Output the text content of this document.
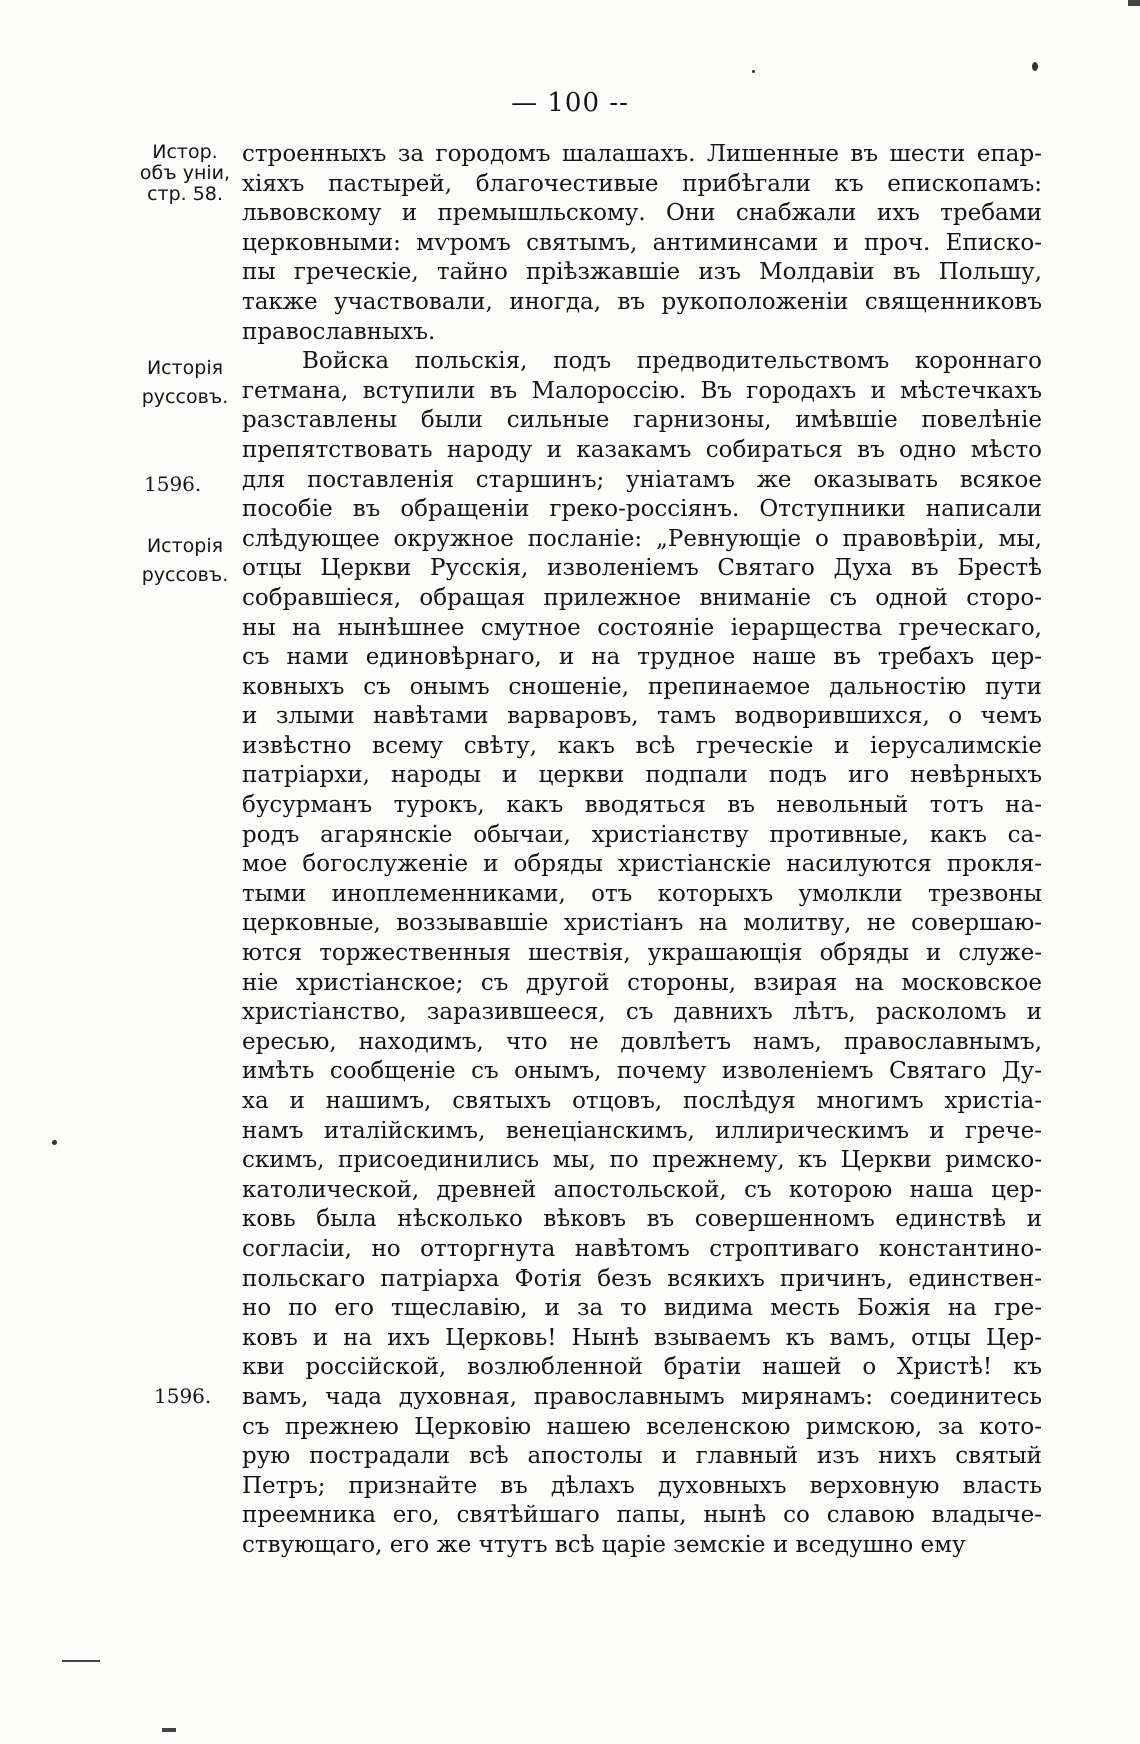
— 100 --
Истор.
объ уніи,
стр. 58.
Исторія
руссовъ.
1596.
Исторія
руссовъ.
1596.
строенныхъ за городомъ шалашахъ. Лишенные въ шести епар-
хіяхъ пастырей, благочестивые прибѣгали къ епископамъ:
львовскому и премышльскому. Они снабжали ихъ требами
церковными: мѵромъ святымъ, антиминсами и проч. Еписко-
пы греческіе, тайно пріѣзжавшіе изъ Молдавіи въ Польшу,
также участвовали, иногда, въ рукоположеніи священниковъ
православныхъ.
Войска польскія, подъ предводительствомъ короннаго
гетмана, вступили въ Малороссію. Въ городахъ и мѣстечкахъ
разставлены были сильные гарнизоны, имѣвшіе повелѣніе
препятствовать народу и казакамъ собираться въ одно мѣсто
для поставленія старшинъ; уніатамъ же оказывать всякое
пособіе въ обращеніи греко-россіянъ. Отступники написали
слѣдующее окружное посланіе: „Ревнующіе о правовѣріи, мы,
отцы Церкви Русскія, изволеніемъ Святаго Духа въ Брестѣ
собравшіеся, обращая прилежное вниманіе съ одной сторо-
ны на нынѣшнее смутное состояніе іерарщества греческаго,
съ нами единовѣрнаго, и на трудное наше въ требахъ цер-
ковныхъ съ онымъ сношеніе, препинаемое дальностію пути
и злыми навѣтами варваровъ, тамъ водворившихся, о чемъ
извѣстно всему свѣту, какъ всѣ греческіе и іерусалимскіе
патріархи, народы и церкви подпали подъ иго невѣрныхъ
бусурманъ турокъ, какъ вводяться въ невольный тотъ на-
родъ агарянскіе обычаи, христіанству противные, какъ са-
мое богослуженіе и обряды христіанскіе насилуются прокля-
тыми иноплеменниками, отъ которыхъ умолкли трезвоны
церковные, воззывавшіе христіанъ на молитву, не совершаю-
ются торжественныя шествія, украшающія обряды и служе-
ніе христіанское; съ другой стороны, взирая на московское
христіанство, заразившееся, съ давнихъ лѣтъ, расколомъ и
ересью, находимъ, что не довлѣетъ намъ, православнымъ,
имѣть сообщеніе съ онымъ, почему изволеніемъ Святаго Ду-
ха и нашимъ, святыхъ отцовъ, послѣдуя многимъ христіа-
намъ италійскимъ, венеціанскимъ, иллирическимъ и грече-
скимъ, присоединились мы, по прежнему, къ Церкви римско-
католической, древней апостольской, съ которою наша цер-
ковь была нѣсколько вѣковъ въ совершенномъ единствѣ и
согласіи, но отторгнута навѣтомъ строптиваго константино-
польскаго патріарха Фотія безъ всякихъ причинъ, единствен-
но по его тщеславію, и за то видима месть Божія на гре-
ковъ и на ихъ Церковь! Нынѣ взываемъ къ вамъ, отцы Цер-
кви россійской, возлюбленной братіи нашей о Христѣ! къ
вамъ, чада духовная, православнымъ мирянамъ: соединитесь
съ прежнею Церковію нашею вселенскою римскою, за кото-
рую пострадали всѣ апостолы и главный изъ нихъ святый
Петръ; признайте въ дѣлахъ духовныхъ верховную власть
преемника его, святѣйшаго папы, нынѣ со славою владыче-
ствующаго, его же чтутъ всѣ царіе земскіе и вседушно ему
